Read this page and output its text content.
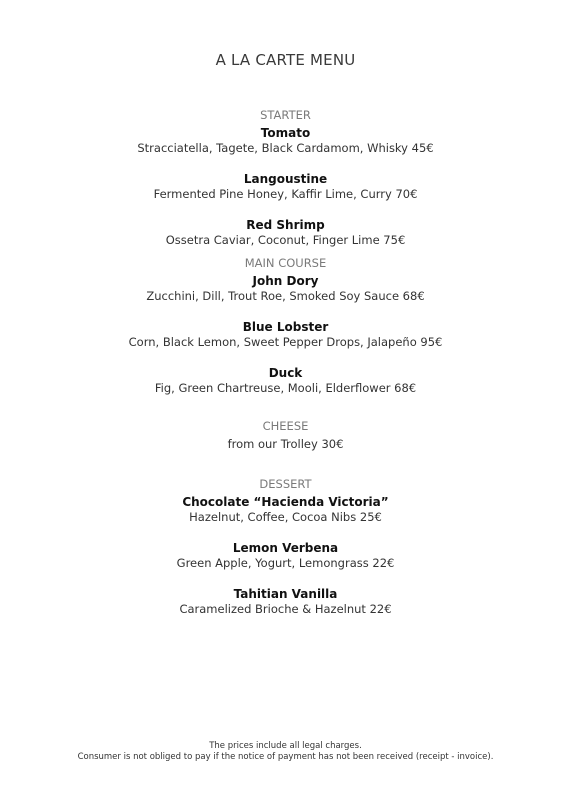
A LA CARTE MENU
STARTER
Tomato
Stracciatella, Tagete, Black Cardamom, Whisky 45€
Langoustine
Fermented Pine Honey, Kaffir Lime, Curry 70€
Red Shrimp
Ossetra Caviar, Coconut, Finger Lime 75€
MAIN COURSE
John Dory
Zucchini, Dill, Trout Roe, Smoked Soy Sauce 68€
Blue Lobster
Corn, Black Lemon, Sweet Pepper Drops, Jalapeño 95€
Duck
Fig, Green Chartreuse, Mooli, Elderflower 68€
CHEESE
from our Trolley 30€
DESSERT
Chocolate “Hacienda Victoria”
Hazelnut, Coffee, Cocoa Nibs 25€
Lemon Verbena
Green Apple, Yogurt, Lemongrass 22€
Tahitian Vanilla
Caramelized Brioche & Hazelnut 22€
The prices include all legal charges.
Consumer is not obliged to pay if the notice of payment has not been received (receipt - invoice).
